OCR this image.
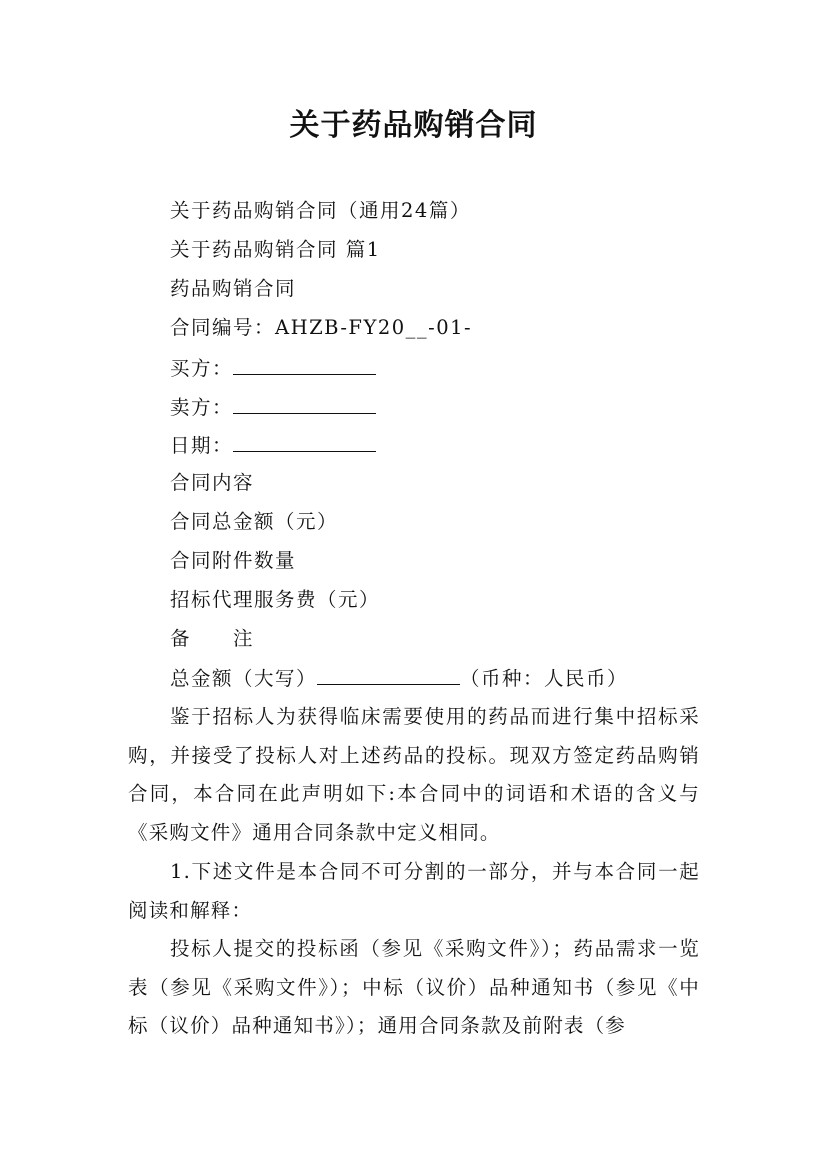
关于药品购销合同
关于药品购销合同（通用24篇）
关于药品购销合同 篇1
药品购销合同
合同编号：AHZB-FY20__-01-
买方：
卖方：
日期：
合同内容
合同总金额（元）
合同附件数量
招标代理服务费（元）
备　　注
总金额（大写）	（币种：人民币）
鉴于招标人为获得临床需要使用的药品而进行集中招标采购，并接受了投标人对上述药品的投标。现双方签定药品购销合同，本合同在此声明如下:本合同中的词语和术语的含义与《采购文件》通用合同条款中定义相同。
1.下述文件是本合同不可分割的一部分，并与本合同一起阅读和解释：
投标人提交的投标函（参见《采购文件》）；药品需求一览表（参见《采购文件》）；中标（议价）品种通知书（参见《中标（议价）品种通知书》）；通用合同条款及前附表（参
